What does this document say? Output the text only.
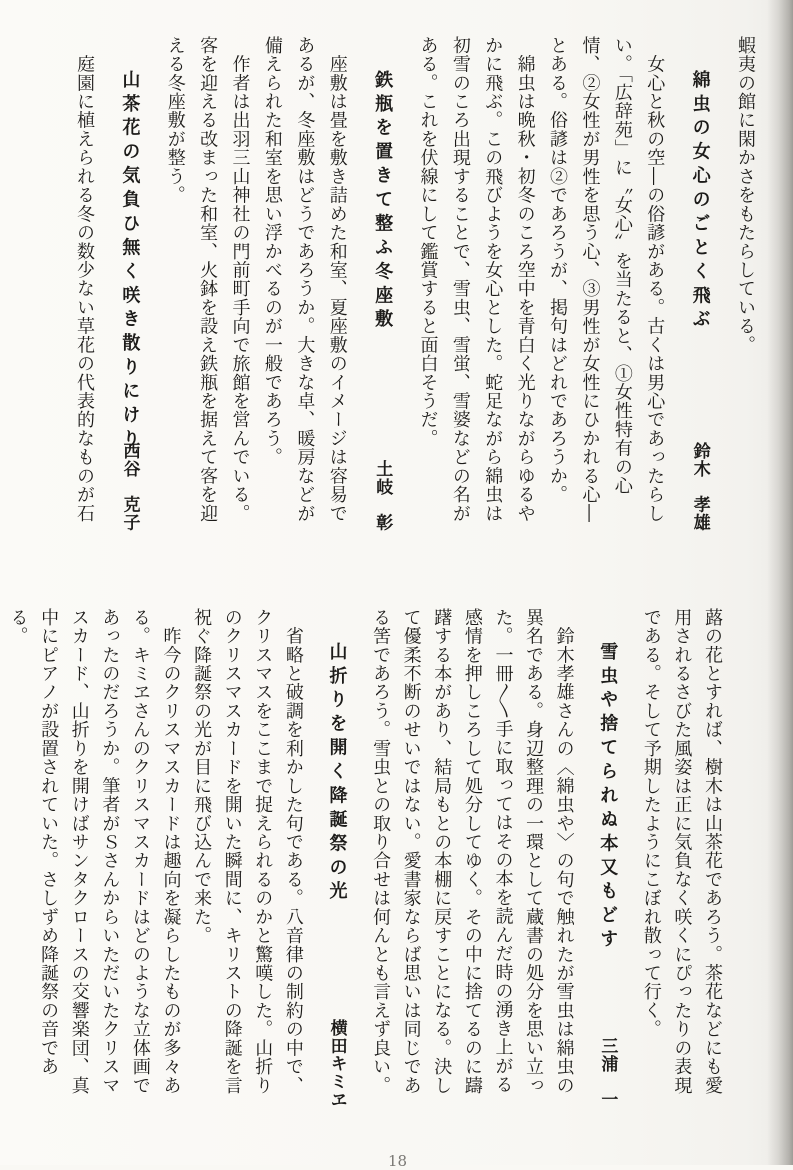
蝦夷の館に閑かさをもたらしている。

綿虫の女心のごとく飛ぶ
鈴木　孝雄

　女心と秋の空―の俗諺がある。古くは男心であったらしい。「広辞苑」に〝女心〟を当たると、①女性特有の心情、②女性が男性を思う心、③男性が女性にひかれる心―とある。俗諺は②であろうが、掲句はどれであろうか。

　綿虫は晩秋・初冬のころ空中を青白く光りながらゆるやかに飛ぶ。この飛びようを女心とした。蛇足ながら綿虫は初雪のころ出現することで、雪虫、雪蛍、雪婆などの名がある。これを伏線にして鑑賞すると面白そうだ。

鉄瓶を置きて整ふ冬座敷
土岐　彰

　座敷は畳を敷き詰めた和室、夏座敷のイメージは容易であるが、冬座敷はどうであろうか。大きな卓、暖房などが備えられた和室を思い浮かべるのが一般であろう。

　作者は出羽三山神社の門前町手向で旅館を営んでいる。客を迎える改まった和室、火鉢を設え鉄瓶を据えて客を迎える冬座敷が整う。

山茶花の気負ひ無く咲き散りにけり
西谷　克子

　庭園に植えられる冬の数少ない草花の代表的なものが石

蕗の花とすれば、樹木は山茶花であろう。茶花などにも愛用されるさびた風姿は正に気負なく咲くにぴったりの表現である。そして予期したようにこぼれ散って行く。

雪虫や捨てられぬ本又もどす
三浦　一

　鈴木孝雄さんの〈綿虫や〉の句で触れたが雪虫は綿虫の異名である。身辺整理の一環として蔵書の処分を思い立った。一冊〳〵手に取ってはその本を読んだ時の湧き上がる感情を押しころして処分してゆく。その中に捨てるのに躊躇する本があり、結局もとの本棚に戻すことになる。決して優柔不断のせいではない。愛書家ならば思いは同じである筈であろう。雪虫との取り合せは何んとも言えず良い。

山折りを開く降誕祭の光
横田キミヱ

　省略と破調を利かした句である。八音律の制約の中で、クリスマスをここまで捉えられるのかと驚嘆した。山折りのクリスマスカードを開いた瞬間に、キリストの降誕を言祝ぐ降誕祭の光が目に飛び込んで来た。

　昨今のクリスマスカードは趣向を凝らしたものが多々ある。キミヱさんのクリスマスカードはどのような立体画であったのだろうか。筆者がＳさんからいただいたクリスマスカード、山折りを開けばサンタクロースの交響楽団、真中にピアノが設置されていた。さしずめ降誕祭の音である。

18
